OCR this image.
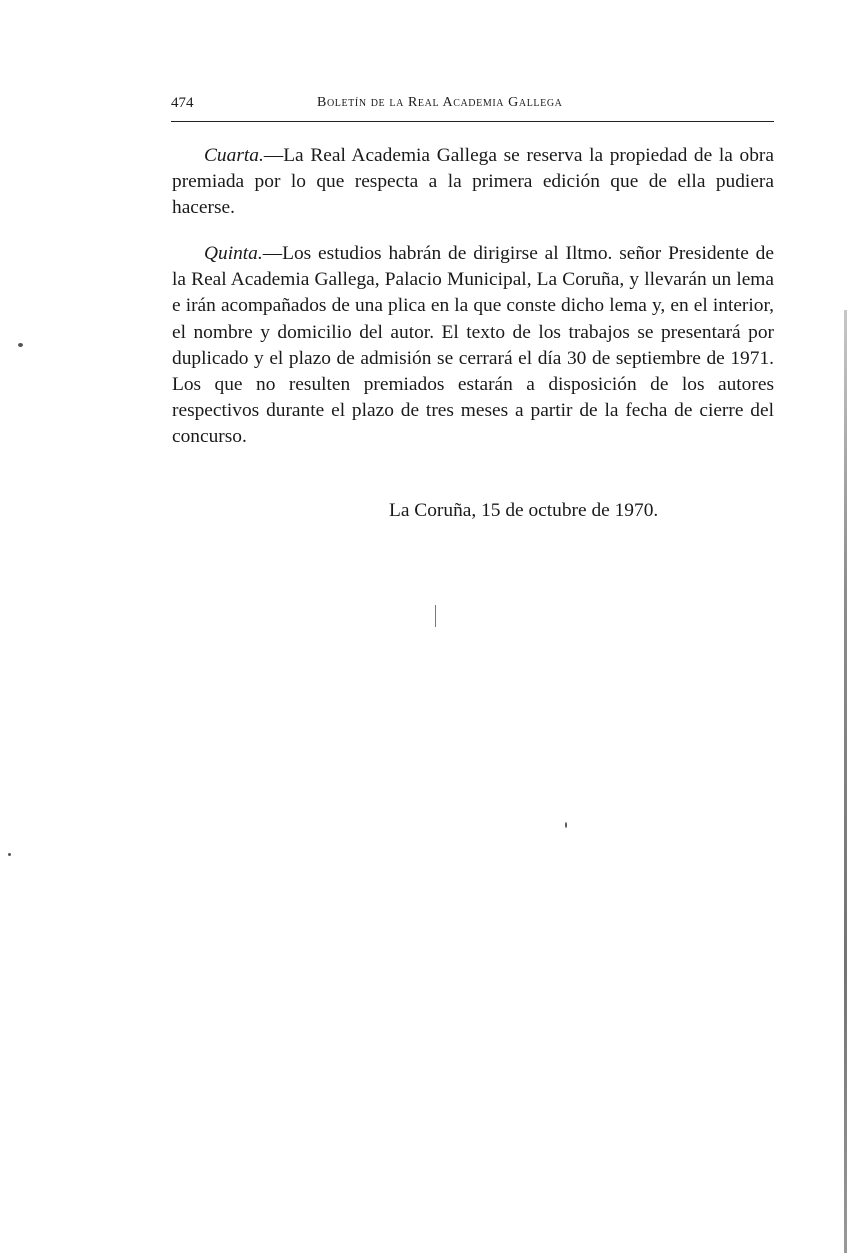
474	Boletín de la Real Academia Gallega

Cuarta.—La Real Academia Gallega se reserva la propiedad de la obra premiada por lo que respecta a la primera edición que de ella pudiera hacerse.

Quinta.—Los estudios habrán de dirigirse al Iltmo. señor Presidente de la Real Academia Gallega, Palacio Municipal, La Coruña, y llevarán un lema e irán acompañados de una plica en la que conste dicho lema y, en el interior, el nombre y domicilio del autor. El texto de los trabajos se presentará por duplicado y el plazo de admisión se cerrará el día 30 de septiembre de 1971. Los que no resulten premiados estarán a disposición de los autores respectivos durante el plazo de tres meses a partir de la fecha de cierre del concurso.

La Coruña, 15 de octubre de 1970.
